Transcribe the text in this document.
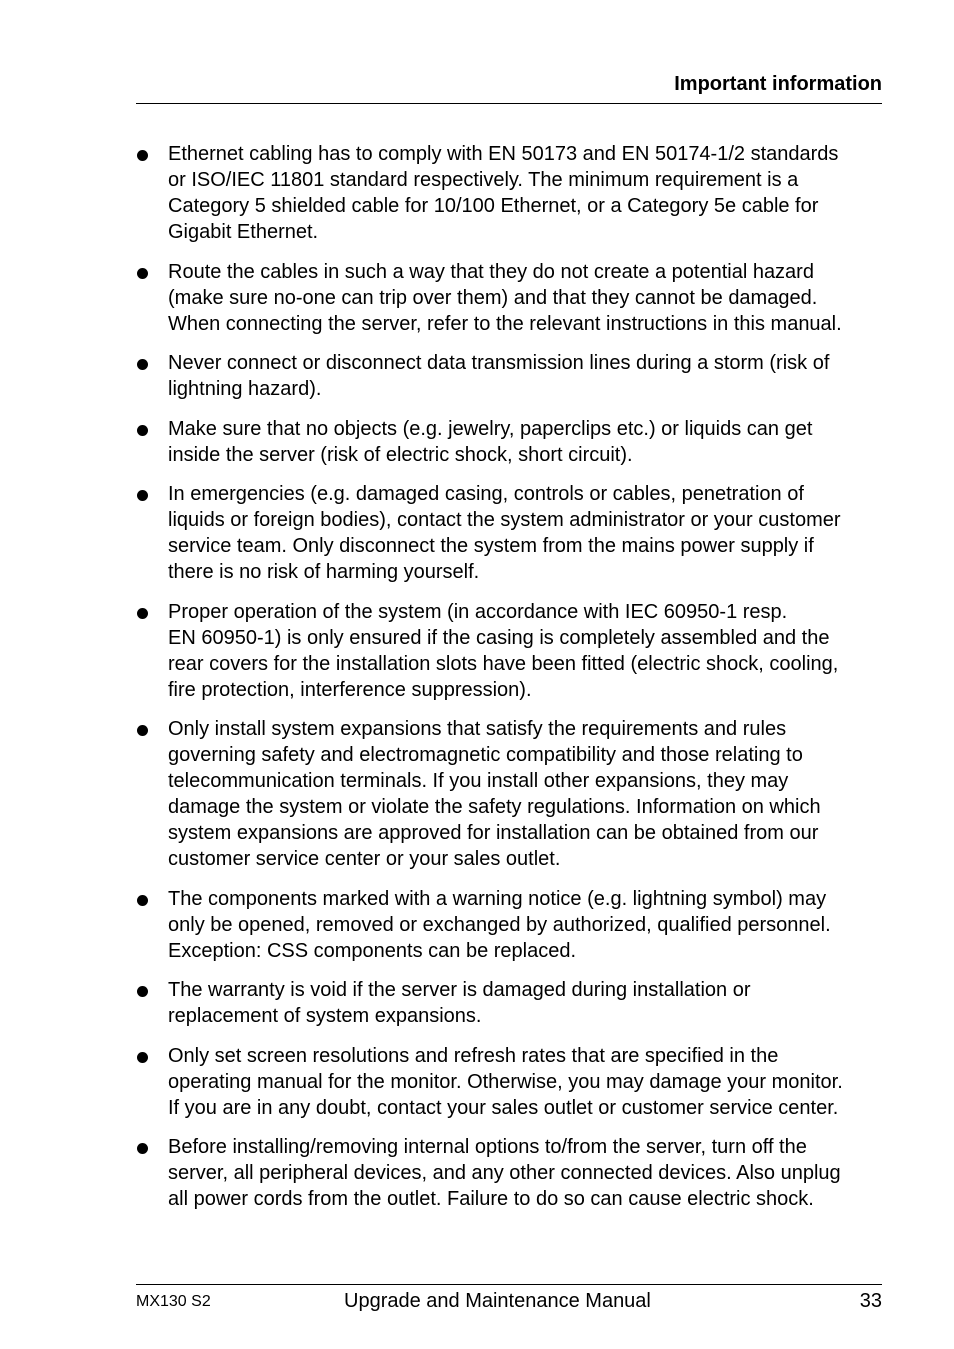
Important information
Ethernet cabling has to comply with EN 50173 and EN 50174-1/2 standards
or ISO/IEC 11801 standard respectively. The minimum requirement is a
Category 5 shielded cable for 10/100 Ethernet, or a Category 5e cable for
Gigabit Ethernet.
Route the cables in such a way that they do not create a potential hazard
(make sure no-one can trip over them) and that they cannot be damaged.
When connecting the server, refer to the relevant instructions in this manual.
Never connect or disconnect data transmission lines during a storm (risk of
lightning hazard).
Make sure that no objects (e.g. jewelry, paperclips etc.) or liquids can get
inside the server (risk of electric shock, short circuit).
In emergencies (e.g. damaged casing, controls or cables, penetration of
liquids or foreign bodies), contact the system administrator or your customer
service team. Only disconnect the system from the mains power supply if
there is no risk of harming yourself.
Proper operation of the system (in accordance with IEC 60950-1 resp.
EN 60950-1) is only ensured if the casing is completely assembled and the
rear covers for the installation slots have been fitted (electric shock, cooling,
fire protection, interference suppression).
Only install system expansions that satisfy the requirements and rules
governing safety and electromagnetic compatibility and those relating to
telecommunication terminals. If you install other expansions, they may
damage the system or violate the safety regulations. Information on which
system expansions are approved for installation can be obtained from our
customer service center or your sales outlet.
The components marked with a warning notice (e.g. lightning symbol) may
only be opened, removed or exchanged by authorized, qualified personnel.
Exception: CSS components can be replaced.
The warranty is void if the server is damaged during installation or
replacement of system expansions.
Only set screen resolutions and refresh rates that are specified in the
operating manual for the monitor. Otherwise, you may damage your monitor.
If you are in any doubt, contact your sales outlet or customer service center.
Before installing/removing internal options to/from the server, turn off the
server, all peripheral devices, and any other connected devices. Also unplug
all power cords from the outlet. Failure to do so can cause electric shock.
MX130 S2	Upgrade and Maintenance Manual	33
